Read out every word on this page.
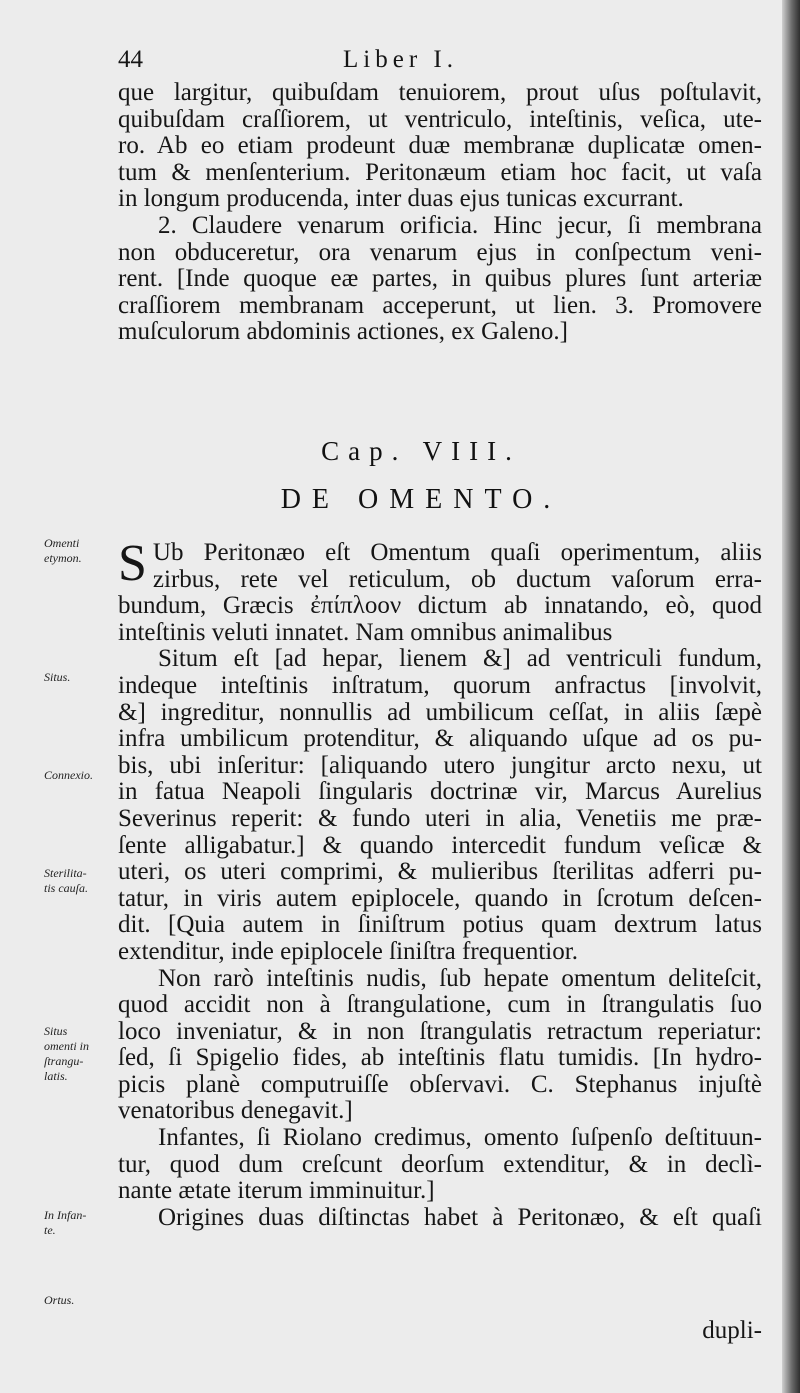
44	Liber I.
que largitur, quibuſdam tenuiorem, prout uſus poſtulavit,
quibuſdam craſſiorem, ut ventriculo, inteſtinis, veſica, ute-
ro. Ab eo etiam prodeunt duæ membranæ duplicatæ omen-
tum & menſenterium. Peritonæum etiam hoc facit, ut vaſa
in longum producenda, inter duas ejus tunicas excurrant.
2. Claudere venarum orificia. Hinc jecur, ſi membrana
non obduceretur, ora venarum ejus in conſpectum veni-
rent. [Inde quoque eæ partes, in quibus plures ſunt arteriæ
craſſiorem membranam acceperunt, ut lien. 3. Promovere
muſculorum abdominis actiones, ex Galeno.]
Cap. VIII.
DE OMENTO.
S Ub Peritonæo eſt Omentum quaſi operimentum, aliis
zirbus, rete vel reticulum, ob ductum vaſorum erra-
bundum, Græcis ἐπίπλοον dictum ab innatando, eò, quod
inteſtinis veluti innatet. Nam omnibus animalibus
Situm eſt [ad hepar, lienem &] ad ventriculi fundum,
indeque inteſtinis inſtratum, quorum anfractus [involvit,
&] ingreditur, nonnullis ad umbilicum ceſſat, in aliis ſæpè
infra umbilicum protenditur, & aliquando uſque ad os pu-
bis, ubi inſeritur: [aliquando utero jungitur arcto nexu, ut
in fatua Neapoli ſingularis doctrinæ vir, Marcus Aurelius
Severinus reperit: & fundo uteri in alia, Venetiis me præ-
ſente alligabatur.] & quando intercedit fundum veſicæ &
uteri, os uteri comprimi, & mulieribus ſterilitas adferri pu-
tatur, in viris autem epiplocele, quando in ſcrotum deſcen-
dit. [Quia autem in ſiniſtrum potius quam dextrum latus
extenditur, inde epiplocele ſiniſtra frequentior.
Non rarò inteſtinis nudis, ſub hepate omentum deliteſcit,
quod accidit non à ſtrangulatione, cum in ſtrangulatis ſuo
loco inveniatur, & in non ſtrangulatis retractum reperiatur:
ſed, ſi Spigelio fides, ab inteſtinis flatu tumidis. [In hydro-
picis planè computruiſſe obſervavi. C. Stephanus injuſtè
venatoribus denegavit.]
Infantes, ſi Riolano credimus, omento ſuſpenſo deſtituun-
tur, quod dum creſcunt deorſum extenditur, & in declì-
nante ætate iterum imminuitur.]
Origines duas diſtinctas habet à Peritonæo, & eſt quaſi
dupli-
Omenti
etymon.
Situs.
Connexio.
Sterilita-
tis cauſa.
Situs
omenti in
ſtrangu-
latis.
In Infan-
te.
Ortus.
